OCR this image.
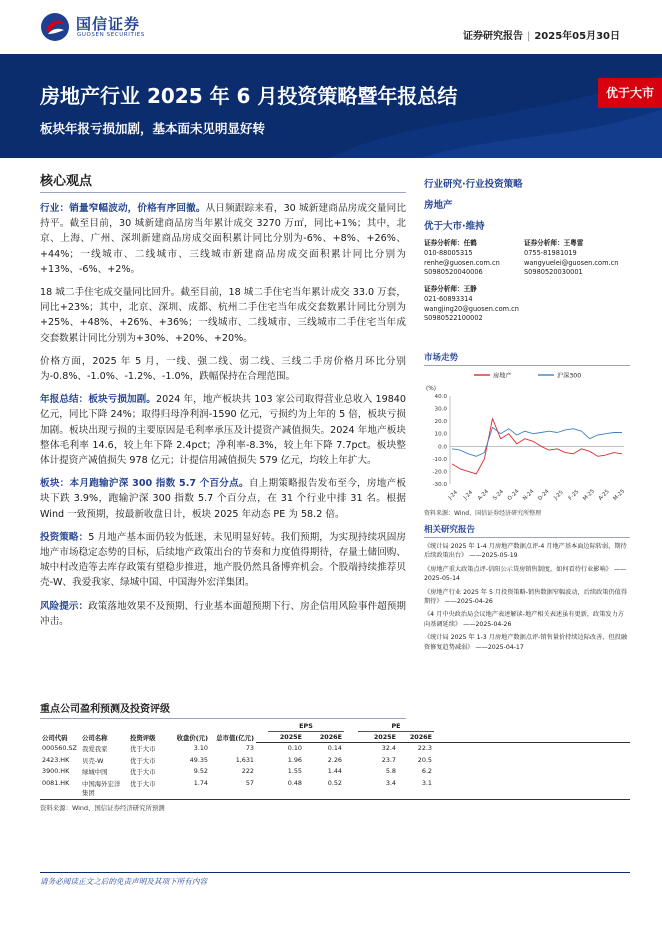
国信证券
GUOSEN SECURITIES	证券研究报告 | 2025年05月30日
房地产行业 2025 年 6 月投资策略暨年报总结
板块年报亏损加剧，基本面未见明显好转
优于大市
核心观点

行业：销量窄幅波动，价格有序回撤。从日频跟踪来看，30 城新建商品房成交量同比持平。截至目前，30 城新建商品房当年累计成交 3270 万㎡，同比+1%；其中，北京、上海、广州、深圳新建商品房成交面积累计同比分别为-6%、+8%、+26%、+44%；一线城市、二线城市、三线城市新建商品房成交面积累计同比分别为+13%、-6%、+2%。

18 城二手住宅成交量同比回升。截至目前，18 城二手住宅当年累计成交 33.0 万套，同比+23%；其中，北京、深圳、成都、杭州二手住宅当年成交套数累计同比分别为+25%、+48%、+26%、+36%；一线城市、二线城市、三线城市二手住宅当年成交套数累计同比分别为+30%、+20%、+20%。

价格方面，2025 年 5 月，一线、强二线、弱二线、三线二手房价格月环比分别为-0.8%、-1.0%、-1.2%、-1.0%，跌幅保持在合理范围。

年报总结：板块亏损加剧。2024 年，地产板块共 103 家公司取得营业总收入 19840 亿元，同比下降 24%；取得归母净利润-1590 亿元，亏损约为上年的 5 倍，板块亏损加剧。板块出现亏损的主要原因是毛利率承压及计提资产减值损失。2024 年地产板块整体毛利率 14.6，较上年下降 2.4pct；净利率-8.3%，较上年下降 7.7pct。板块整体计提资产减值损失 978 亿元；计提信用减值损失 579 亿元，均较上年扩大。

板块：本月跑输沪深 300 指数 5.7 个百分点。自上期策略报告发布至今，房地产板块下跌 3.9%，跑输沪深 300 指数 5.7 个百分点，在 31 个行业中排 31 名。根据 Wind 一致预期，按最新收盘日计，板块 2025 年动态 PE 为 58.2 倍。

投资策略：5 月地产基本面仍较为低迷，未见明显好转。我们预期，为实现持续巩固房地产市场稳定态势的目标，后续地产政策出台的节奏和力度值得期待，存量土储回购、城中村改造等去库存政策有望稳步推进，地产股仍然具备博弈机会。个股端持续推荐贝壳-W、我爱我家、绿城中国、中国海外宏洋集团。

风险提示：政策落地效果不及预期、行业基本面超预期下行、房企信用风险事件超预期冲击。

重点公司盈利预测及投资评级
公司代码	公司名称	投资评级	收盘价(元)	总市值(亿元)		EPS			PE		
						2025E	2026E		2025E	2026E	
000560.SZ	我爱我家	优于大市	3.10	73		0.10	0.14		32.4	22.3	
2423.HK	贝壳-W	优于大市	49.35	1,631		1.96	2.26		23.7	20.5	
3900.HK	绿城中国	优于大市	9.52	222		1.55	1.44		5.8	6.2	
0081.HK	中国海外宏洋集团	优于大市	1.74	57		0.48	0.52		3.4	3.1	
资料来源：Wind、国信证券经济研究所预测
行业研究·行业投资策略
房地产
优于大市·维持
证券分析师：任鹤
010-88005315
renhe@guosen.com.cn
S0980520040006
证券分析师：王粤雷
0755-81981019
wangyuelei@guosen.com.cn
S0980520030001
证券分析师：王静
021-60893314
wangjing20@guosen.com.cn
S0980522100002
市场走势
房地产	沪深300
(%)
40.0
30.0
20.0
10.0
0.0
-10.0
-20.0
-30.0
J-24 J-24 A-24 S-24 O-24 N-24 D-24 J-25 F-25 M-25 A-25 M-25
资料来源：Wind、国信证券经济研究所整理
相关研究报告
《统计局 2025 年 1-4 月房地产数据点评-4 月地产基本面边际转弱，期待后续政策出台》 ——2025-05-19
《房地产重大政策点评-信阳公示贷房销售制度，如何看待行业影响》 ——2025-05-14
《房地产行业 2025 年 5 月投资策略-销售数据窄幅波动，后续政策仍值得期待》 ——2025-04-26
《4 月中央政治局会议地产表述解读-地产相关表述虽有更新，政策发力方向基调延续》 ——2025-04-26
《统计局 2025 年 1-3 月房地产数据点评-销售量价持续边际改善，但投融资修复趋势减弱》 ——2025-04-17
请务必阅读正文之后的免责声明及其项下所有内容
